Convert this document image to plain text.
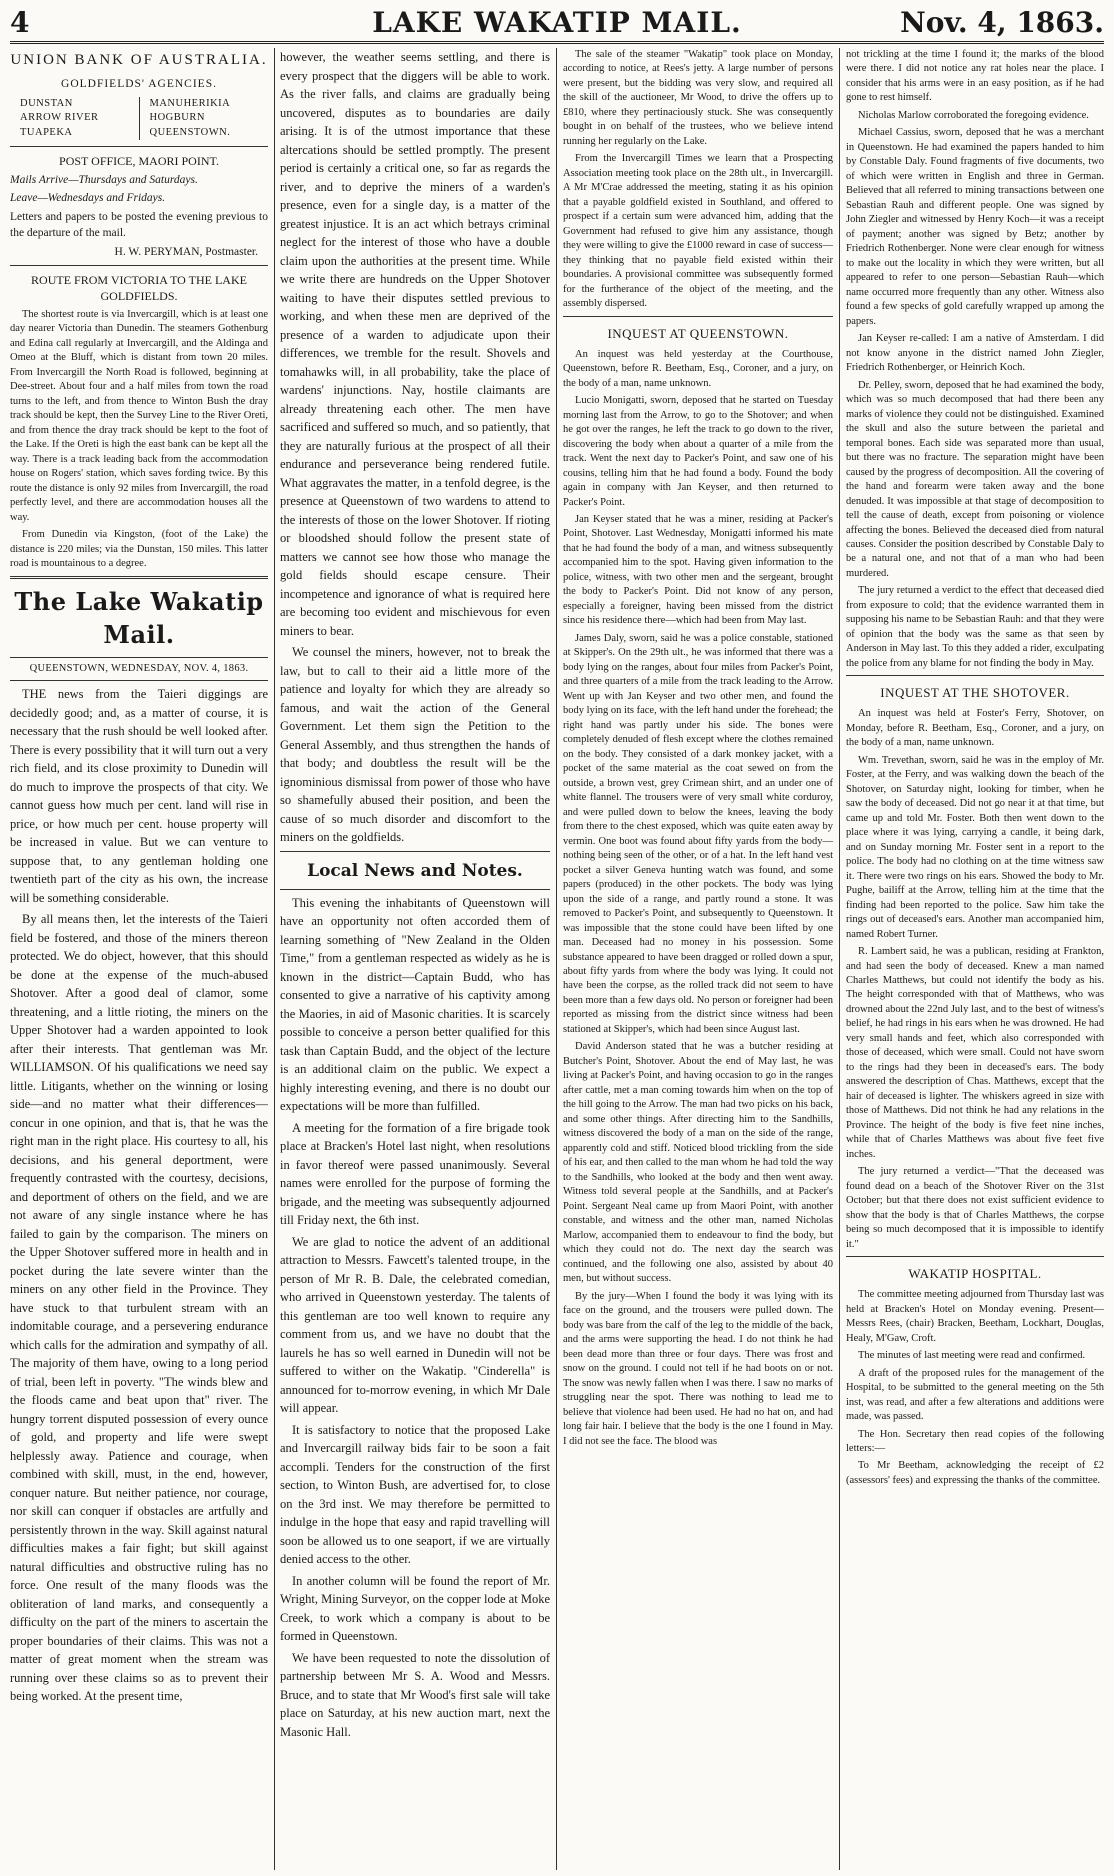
4	LAKE WAKATIP MAIL.	Nov. 4, 1863.
UNION BANK OF AUSTRALIA.
GOLDFIELDS' AGENCIES.
DUNSTAN
ARROW RIVER
TUAPEKA
MANUHERIKIA
HOGBURN
QUEENSTOWN.
POST OFFICE, MAORI POINT.

Mails Arrive—Thursdays and Saturdays.

Leave—Wednesdays and Fridays.

Letters and papers to be posted the evening previous to the departure of the mail.

H. W. PERYMAN, Postmaster.
ROUTE FROM VICTORIA TO THE LAKE GOLDFIELDS.

The shortest route is via Invercargill, which is at least one day nearer Victoria than Dunedin. The steamers Gothenburg and Edina call regularly at Invercargill, and the Aldinga and Omeo at the Bluff, which is distant from town 20 miles. From Invercargill the North Road is followed, beginning at Dee-street. About four and a half miles from town the road turns to the left, and from thence to Winton Bush the dray track should be kept, then the Survey Line to the River Oreti, and from thence the dray track should be kept to the foot of the Lake. If the Oreti is high the east bank can be kept all the way. There is a track leading back from the accommodation house on Rogers' station, which saves fording twice. By this route the distance is only 92 miles from Invercargill, the road perfectly level, and there are accommodation houses all the way.

From Dunedin via Kingston, (foot of the Lake) the distance is 220 miles; via the Dunstan, 150 miles. This latter road is mountainous to a degree.

The Lake Wakatip Mail.
QUEENSTOWN, WEDNESDAY, NOV. 4, 1863.

THE news from the Taieri diggings are decidedly good; and, as a matter of course, it is necessary that the rush should be well looked after. There is every possibility that it will turn out a very rich field, and its close proximity to Dunedin will do much to improve the prospects of that city. We cannot guess how much per cent. land will rise in price, or how much per cent. house property will be increased in value. But we can venture to suppose that, to any gentleman holding one twentieth part of the city as his own, the increase will be something considerable.

By all means then, let the interests of the Taieri field be fostered, and those of the miners thereon protected. We do object, however, that this should be done at the expense of the much-abused Shotover. After a good deal of clamor, some threatening, and a little rioting, the miners on the Upper Shotover had a warden appointed to look after their interests. That gentleman was Mr. WILLIAMSON. Of his qualifications we need say little. Litigants, whether on the winning or losing side—and no matter what their differences—concur in one opinion, and that is, that he was the right man in the right place. His courtesy to all, his decisions, and his general deportment, were frequently contrasted with the courtesy, decisions, and deportment of others on the field, and we are not aware of any single instance where he has failed to gain by the comparison. The miners on the Upper Shotover suffered more in health and in pocket during the late severe winter than the miners on any other field in the Province. They have stuck to that turbulent stream with an indomitable courage, and a persevering endurance which calls for the admiration and sympathy of all. The majority of them have, owing to a long period of trial, been left in poverty. "The winds blew and the floods came and beat upon that" river. The hungry torrent disputed possession of every ounce of gold, and property and life were swept helplessly away. Patience and courage, when combined with skill, must, in the end, however, conquer nature. But neither patience, nor courage, nor skill can conquer if obstacles are artfully and persistently thrown in the way. Skill against natural difficulties makes a fair fight; but skill against natural difficulties and obstructive ruling has no force. One result of the many floods was the obliteration of land marks, and consequently a difficulty on the part of the miners to ascertain the proper boundaries of their claims. This was not a matter of great moment when the stream was running over these claims so as to prevent their being worked. At the present time,

however, the weather seems settling, and there is every prospect that the diggers will be able to work. As the river falls, and claims are gradually being uncovered, disputes as to boundaries are daily arising. It is of the utmost importance that these altercations should be settled promptly. The present period is certainly a critical one, so far as regards the river, and to deprive the miners of a warden's presence, even for a single day, is a matter of the greatest injustice. It is an act which betrays criminal neglect for the interest of those who have a double claim upon the authorities at the present time. While we write there are hundreds on the Upper Shotover waiting to have their disputes settled previous to working, and when these men are deprived of the presence of a warden to adjudicate upon their differences, we tremble for the result. Shovels and tomahawks will, in all probability, take the place of wardens' injunctions. Nay, hostile claimants are already threatening each other. The men have sacrificed and suffered so much, and so patiently, that they are naturally furious at the prospect of all their endurance and perseverance being rendered futile. What aggravates the matter, in a tenfold degree, is the presence at Queenstown of two wardens to attend to the interests of those on the lower Shotover. If rioting or bloodshed should follow the present state of matters we cannot see how those who manage the gold fields should escape censure. Their incompetence and ignorance of what is required here are becoming too evident and mischievous for even miners to bear.

We counsel the miners, however, not to break the law, but to call to their aid a little more of the patience and loyalty for which they are already so famous, and wait the action of the General Government. Let them sign the Petition to the General Assembly, and thus strengthen the hands of that body; and doubtless the result will be the ignominious dismissal from power of those who have so shamefully abused their position, and been the cause of so much disorder and discomfort to the miners on the goldfields.

Local News and Notes.

This evening the inhabitants of Queenstown will have an opportunity not often accorded them of learning something of "New Zealand in the Olden Time," from a gentleman respected as widely as he is known in the district—Captain Budd, who has consented to give a narrative of his captivity among the Maories, in aid of Masonic charities. It is scarcely possible to conceive a person better qualified for this task than Captain Budd, and the object of the lecture is an additional claim on the public. We expect a highly interesting evening, and there is no doubt our expectations will be more than fulfilled.

A meeting for the formation of a fire brigade took place at Bracken's Hotel last night, when resolutions in favor thereof were passed unanimously. Several names were enrolled for the purpose of forming the brigade, and the meeting was subsequently adjourned till Friday next, the 6th inst.

We are glad to notice the advent of an additional attraction to Messrs. Fawcett's talented troupe, in the person of Mr R. B. Dale, the celebrated comedian, who arrived in Queenstown yesterday. The talents of this gentleman are too well known to require any comment from us, and we have no doubt that the laurels he has so well earned in Dunedin will not be suffered to wither on the Wakatip. "Cinderella" is announced for to-morrow evening, in which Mr Dale will appear.

It is satisfactory to notice that the proposed Lake and Invercargill railway bids fair to be soon a fait accompli. Tenders for the construction of the first section, to Winton Bush, are advertised for, to close on the 3rd inst. We may therefore be permitted to indulge in the hope that easy and rapid travelling will soon be allowed us to one seaport, if we are virtually denied access to the other.

In another column will be found the report of Mr. Wright, Mining Surveyor, on the copper lode at Moke Creek, to work which a company is about to be formed in Queenstown.

We have been requested to note the dissolution of partnership between Mr S. A. Wood and Messrs. Bruce, and to state that Mr Wood's first sale will take place on Saturday, at his new auction mart, next the Masonic Hall.

The sale of the steamer "Wakatip" took place on Monday, according to notice, at Rees's jetty. A large number of persons were present, but the bidding was very slow, and required all the skill of the auctioneer, Mr Wood, to drive the offers up to £810, where they pertinaciously stuck. She was consequently bought in on behalf of the trustees, who we believe intend running her regularly on the Lake.

From the Invercargill Times we learn that a Prospecting Association meeting took place on the 28th ult., in Invercargill. A Mr M'Crae addressed the meeting, stating it as his opinion that a payable goldfield existed in Southland, and offered to prospect if a certain sum were advanced him, adding that the Government had refused to give him any assistance, though they were willing to give the £1000 reward in case of success—they thinking that no payable field existed within their boundaries. A provisional committee was subsequently formed for the furtherance of the object of the meeting, and the assembly dispersed.

INQUEST AT QUEENSTOWN.

An inquest was held yesterday at the Courthouse, Queenstown, before R. Beetham, Esq., Coroner, and a jury, on the body of a man, name unknown.

Lucio Monigatti, sworn, deposed that he started on Tuesday morning last from the Arrow, to go to the Shotover; and when he got over the ranges, he left the track to go down to the river, discovering the body when about a quarter of a mile from the track. Went the next day to Packer's Point, and saw one of his cousins, telling him that he had found a body. Found the body again in company with Jan Keyser, and then returned to Packer's Point.

Jan Keyser stated that he was a miner, residing at Packer's Point, Shotover. Last Wednesday, Monigatti informed his mate that he had found the body of a man, and witness subsequently accompanied him to the spot. Having given information to the police, witness, with two other men and the sergeant, brought the body to Packer's Point. Did not know of any person, especially a foreigner, having been missed from the district since his residence there—which had been from May last.

James Daly, sworn, said he was a police constable, stationed at Skipper's. On the 29th ult., he was informed that there was a body lying on the ranges, about four miles from Packer's Point, and three quarters of a mile from the track leading to the Arrow. Went up with Jan Keyser and two other men, and found the body lying on its face, with the left hand under the forehead; the right hand was partly under his side. The bones were completely denuded of flesh except where the clothes remained on the body. They consisted of a dark monkey jacket, with a pocket of the same material as the coat sewed on from the outside, a brown vest, grey Crimean shirt, and an under one of white flannel. The trousers were of very small white corduroy, and were pulled down to below the knees, leaving the body from there to the chest exposed, which was quite eaten away by vermin. One boot was found about fifty yards from the body—nothing being seen of the other, or of a hat. In the left hand vest pocket a silver Geneva hunting watch was found, and some papers (produced) in the other pockets. The body was lying upon the side of a range, and partly round a stone. It was removed to Packer's Point, and subsequently to Queenstown. It was impossible that the stone could have been lifted by one man. Deceased had no money in his possession. Some substance appeared to have been dragged or rolled down a spur, about fifty yards from where the body was lying. It could not have been the corpse, as the rolled track did not seem to have been more than a few days old. No person or foreigner had been reported as missing from the district since witness had been stationed at Skipper's, which had been since August last.

David Anderson stated that he was a butcher residing at Butcher's Point, Shotover. About the end of May last, he was living at Packer's Point, and having occasion to go in the ranges after cattle, met a man coming towards him when on the top of the hill going to the Arrow. The man had two picks on his back, and some other things. After directing him to the Sandhills, witness discovered the body of a man on the side of the range, apparently cold and stiff. Noticed blood trickling from the side of his ear, and then called to the man whom he had told the way to the Sandhills, who looked at the body and then went away. Witness told several people at the Sandhills, and at Packer's Point. Sergeant Neal came up from Maori Point, with another constable, and witness and the other man, named Nicholas Marlow, accompanied them to endeavour to find the body, but which they could not do. The next day the search was continued, and the following one also, assisted by about 40 men, but without success.

By the jury—When I found the body it was lying with its face on the ground, and the trousers were pulled down. The body was bare from the calf of the leg to the middle of the back, and the arms were supporting the head. I do not think he had been dead more than three or four days. There was frost and snow on the ground. I could not tell if he had boots on or not. The snow was newly fallen when I was there. I saw no marks of struggling near the spot. There was nothing to lead me to believe that violence had been used. He had no hat on, and had long fair hair. I believe that the body is the one I found in May. I did not see the face. The blood was

not trickling at the time I found it; the marks of the blood were there. I did not notice any rat holes near the place. I consider that his arms were in an easy position, as if he had gone to rest himself.

Nicholas Marlow corroborated the foregoing evidence.

Michael Cassius, sworn, deposed that he was a merchant in Queenstown. He had examined the papers handed to him by Constable Daly. Found fragments of five documents, two of which were written in English and three in German. Believed that all referred to mining transactions between one Sebastian Rauh and different people. One was signed by John Ziegler and witnessed by Henry Koch—it was a receipt of payment; another was signed by Betz; another by Friedrich Rothenberger. None were clear enough for witness to make out the locality in which they were written, but all appeared to refer to one person—Sebastian Rauh—which name occurred more frequently than any other. Witness also found a few specks of gold carefully wrapped up among the papers.

Jan Keyser re-called: I am a native of Amsterdam. I did not know anyone in the district named John Ziegler, Friedrich Rothenberger, or Heinrich Koch.

Dr. Pelley, sworn, deposed that he had examined the body, which was so much decomposed that had there been any marks of violence they could not be distinguished. Examined the skull and also the suture between the parietal and temporal bones. Each side was separated more than usual, but there was no fracture. The separation might have been caused by the progress of decomposition. All the covering of the hand and forearm were taken away and the bone denuded. It was impossible at that stage of decomposition to tell the cause of death, except from poisoning or violence affecting the bones. Believed the deceased died from natural causes. Consider the position described by Constable Daly to be a natural one, and not that of a man who had been murdered.

The jury returned a verdict to the effect that deceased died from exposure to cold; that the evidence warranted them in supposing his name to be Sebastian Rauh: and that they were of opinion that the body was the same as that seen by Anderson in May last. To this they added a rider, exculpating the police from any blame for not finding the body in May.

INQUEST AT THE SHOTOVER.

An inquest was held at Foster's Ferry, Shotover, on Monday, before R. Beetham, Esq., Coroner, and a jury, on the body of a man, name unknown.

Wm. Trevethan, sworn, said he was in the employ of Mr. Foster, at the Ferry, and was walking down the beach of the Shotover, on Saturday night, looking for timber, when he saw the body of deceased. Did not go near it at that time, but came up and told Mr. Foster. Both then went down to the place where it was lying, carrying a candle, it being dark, and on Sunday morning Mr. Foster sent in a report to the police. The body had no clothing on at the time witness saw it. There were two rings on his ears. Showed the body to Mr. Pughe, bailiff at the Arrow, telling him at the time that the finding had been reported to the police. Saw him take the rings out of deceased's ears. Another man accompanied him, named Robert Turner.

R. Lambert said, he was a publican, residing at Frankton, and had seen the body of deceased. Knew a man named Charles Matthews, but could not identify the body as his. The height corresponded with that of Matthews, who was drowned about the 22nd July last, and to the best of witness's belief, he had rings in his ears when he was drowned. He had very small hands and feet, which also corresponded with those of deceased, which were small. Could not have sworn to the rings had they been in deceased's ears. The body answered the description of Chas. Matthews, except that the hair of deceased is lighter. The whiskers agreed in size with those of Matthews. Did not think he had any relations in the Province. The height of the body is five feet nine inches, while that of Charles Matthews was about five feet five inches.

The jury returned a verdict—"That the deceased was found dead on a beach of the Shotover River on the 31st October; but that there does not exist sufficient evidence to show that the body is that of Charles Matthews, the corpse being so much decomposed that it is impossible to identify it."

WAKATIP HOSPITAL.

The committee meeting adjourned from Thursday last was held at Bracken's Hotel on Monday evening. Present—Messrs Rees, (chair) Bracken, Beetham, Lockhart, Douglas, Healy, M'Gaw, Croft.

The minutes of last meeting were read and confirmed.

A draft of the proposed rules for the management of the Hospital, to be submitted to the general meeting on the 5th inst, was read, and after a few alterations and additions were made, was passed.

The Hon. Secretary then read copies of the following letters:—

To Mr Beetham, acknowledging the receipt of £2 (assessors' fees) and expressing the thanks of the committee.
